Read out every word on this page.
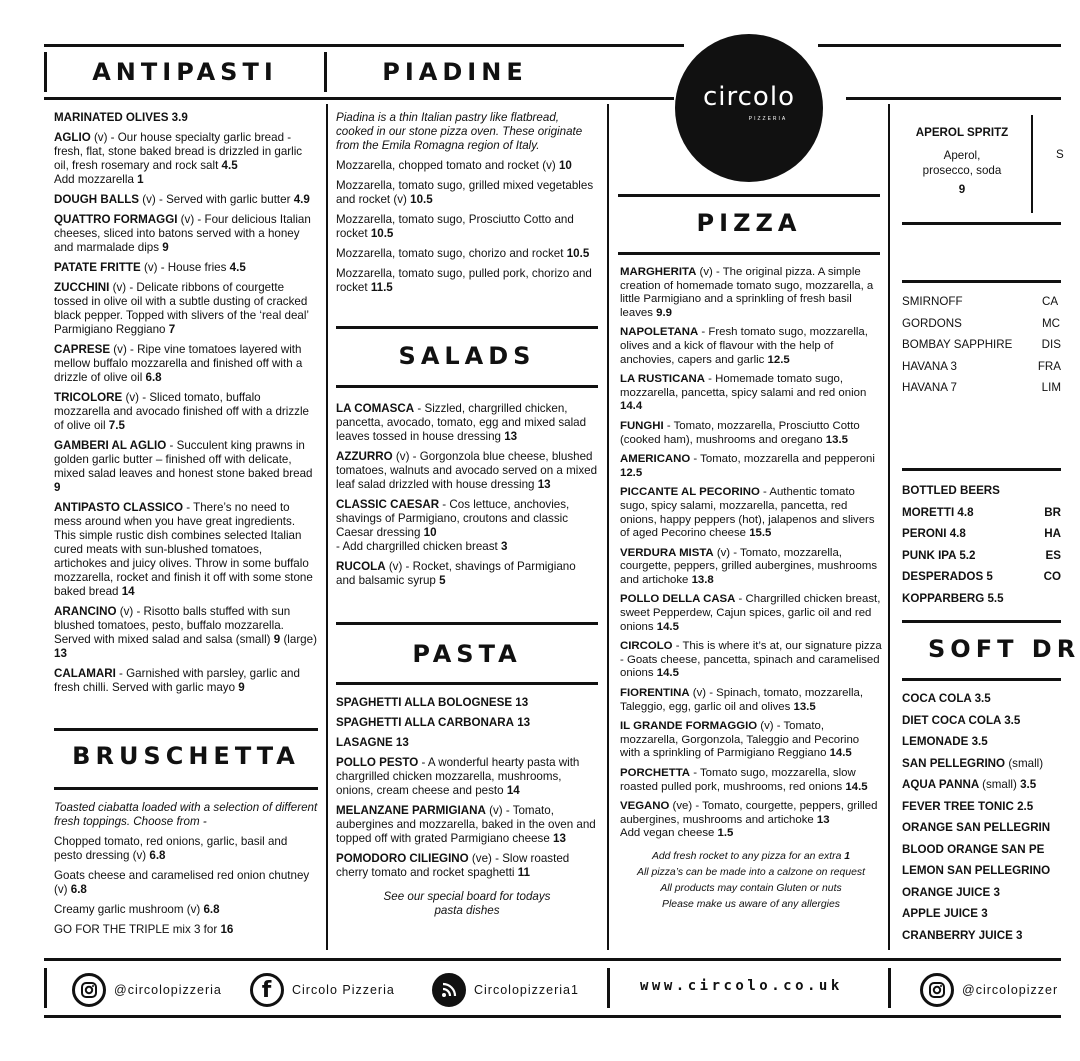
circolo
PIZZERIA
ANTIPASTI	PIADINE

MARINATED OLIVES 3.9

AGLIO (v) - Our house specialty garlic bread - fresh, flat, stone baked bread is drizzled in garlic oil, fresh rosemary and rock salt 4.5
Add mozzarella 1

DOUGH BALLS (v) - Served with garlic butter 4.9

QUATTRO FORMAGGI (v) - Four delicious Italian cheeses, sliced into batons served with a honey and marmalade dips 9

PATATE FRITTE (v) - House fries 4.5

ZUCCHINI (v) - Delicate ribbons of courgette tossed in olive oil with a subtle dusting of cracked black pepper. Topped with slivers of the ‘real deal’ Parmigiano Reggiano 7

CAPRESE (v) - Ripe vine tomatoes layered with mellow buffalo mozzarella and finished off with a drizzle of olive oil 6.8

TRICOLORE (v) - Sliced tomato, buffalo mozzarella and avocado finished off with a drizzle of olive oil 7.5

GAMBERI AL AGLIO - Succulent king prawns in golden garlic butter – finished off with delicate, mixed salad leaves and honest stone baked bread 9

ANTIPASTO CLASSICO - There’s no need to mess around when you have great ingredients. This simple rustic dish combines selected Italian cured meats with sun-blushed tomatoes, artichokes and juicy olives. Throw in some buffalo mozzarella, rocket and finish it off with some stone baked bread 14

ARANCINO (v) - Risotto balls stuffed with sun blushed tomatoes, pesto, buffalo mozzarella. Served with mixed salad and salsa (small) 9 (large) 13

CALAMARI - Garnished with parsley, garlic and fresh chilli. Served with garlic mayo 9

BRUSCHETTA

Toasted ciabatta loaded with a selection of different fresh toppings. Choose from -

Chopped tomato, red onions, garlic, basil and pesto dressing (v) 6.8

Goats cheese and caramelised red onion chutney (v) 6.8

Creamy garlic mushroom (v) 6.8

GO FOR THE TRIPLE mix 3 for 16

Piadina is a thin Italian pastry like flatbread, cooked in our stone pizza oven. These originate from the Emila Romagna region of Italy.

Mozzarella, chopped tomato and rocket (v) 10

Mozzarella, tomato sugo, grilled mixed vegetables and rocket (v) 10.5

Mozzarella, tomato sugo, Prosciutto Cotto and rocket 10.5

Mozzarella, tomato sugo, chorizo and rocket 10.5

Mozzarella, tomato sugo, pulled pork, chorizo and rocket 11.5

SALADS

LA COMASCA - Sizzled, chargrilled chicken, pancetta, avocado, tomato, egg and mixed salad leaves tossed in house dressing 13

AZZURRO (v) - Gorgonzola blue cheese, blushed tomatoes, walnuts and avocado served on a mixed leaf salad drizzled with house dressing 13

CLASSIC CAESAR - Cos lettuce, anchovies, shavings of Parmigiano, croutons and classic Caesar dressing 10
- Add chargrilled chicken breast 3

RUCOLA (v) - Rocket, shavings of Parmigiano and balsamic syrup 5

PASTA

SPAGHETTI ALLA BOLOGNESE 13

SPAGHETTI ALLA CARBONARA 13

LASAGNE 13

POLLO PESTO - A wonderful hearty pasta with chargrilled chicken mozzarella, mushrooms, onions, cream cheese and pesto 14

MELANZANE PARMIGIANA (v) - Tomato, aubergines and mozzarella, baked in the oven and topped off with grated Parmigiano cheese 13

POMODORO CILIEGINO (ve) - Slow roasted cherry tomato and rocket spaghetti 11

See our special board for todays pasta dishes

PIZZA

MARGHERITA (v) - The original pizza. A simple creation of homemade tomato sugo, mozzarella, a little Parmigiano and a sprinkling of fresh basil leaves 9.9

NAPOLETANA - Fresh tomato sugo, mozzarella, olives and a kick of flavour with the help of anchovies, capers and garlic 12.5

LA RUSTICANA - Homemade tomato sugo, mozzarella, pancetta, spicy salami and red onion 14.4

FUNGHI - Tomato, mozzarella, Prosciutto Cotto (cooked ham), mushrooms and oregano 13.5

AMERICANO - Tomato, mozzarella and pepperoni 12.5

PICCANTE AL PECORINO - Authentic tomato sugo, spicy salami, mozzarella, pancetta, red onions, happy peppers (hot), jalapenos and slivers of aged Pecorino cheese 15.5

VERDURA MISTA (v) - Tomato, mozzarella, courgette, peppers, grilled aubergines, mushrooms and artichoke 13.8

POLLO DELLA CASA - Chargrilled chicken breast, sweet Pepperdew, Cajun spices, garlic oil and red onions 14.5

CIRCOLO - This is where it’s at, our signature pizza - Goats cheese, pancetta, spinach and caramelised onions 14.5

FIORENTINA (v) - Spinach, tomato, mozzarella, Taleggio, egg, garlic oil and olives 13.5

IL GRANDE FORMAGGIO (v) - Tomato, mozzarella, Gorgonzola, Taleggio and Pecorino with a sprinkling of Parmigiano Reggiano 14.5

PORCHETTA - Tomato sugo, mozzarella, slow roasted pulled pork, mushrooms, red onions 14.5

VEGANO (ve) - Tomato, courgette, peppers, grilled aubergines, mushrooms and artichoke 13
Add vegan cheese 1.5

Add fresh rocket to any pizza for an extra 1
All pizza’s can be made into a calzone on request
All products may contain Gluten or nuts
Please make us aware of any allergies
APEROL SPRITZ
Aperol, prosecco, soda
9
S
SMIRNOFF	CA
GORDONS	MC
BOMBAY SAPPHIRE	DIS
HAVANA 3	FRA
HAVANA 7	LIM
BOTTLED BEERS
MORETTI 4.8	BR
PERONI 4.8	HA
PUNK IPA 5.2	ES
DESPERADOS 5	CO
KOPPARBERG 5.5
SOFT DR
COCA COLA 3.5
DIET COCA COLA 3.5
LEMONADE 3.5
SAN PELLEGRINO (small)
AQUA PANNA (small) 3.5
FEVER TREE TONIC 2.5
ORANGE SAN PELLEGRIN
BLOOD ORANGE SAN PE
LEMON SAN PELLEGRINO
ORANGE JUICE 3
APPLE JUICE 3
CRANBERRY JUICE 3
@circolopizzeria	f	Circolo Pizzeria	Circolopizzeria1	www.circolo.co.uk	@circolopizzer
